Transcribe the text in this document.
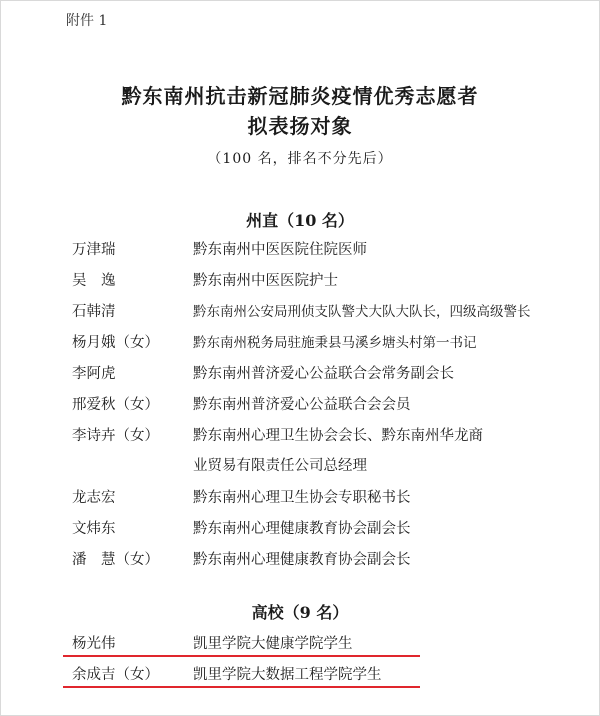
附件 1
黔东南州抗击新冠肺炎疫情优秀志愿者
拟表扬对象
（100 名，排名不分先后）
州直（10 名）
万津瑞	黔东南州中医医院住院医师
吴　逸	黔东南州中医医院护士
石韩清	黔东南州公安局刑侦支队警犬大队大队长，四级高级警长
杨月娥（女）	黔东南州税务局驻施秉县马溪乡塘头村第一书记
李阿虎	黔东南州普济爱心公益联合会常务副会长
邢爱秋（女） 黔东南州普济爱心公益联合会会员
李诗卉（女） 黔东南州心理卫生协会会长、黔东南州华龙商
业贸易有限责任公司总经理
龙志宏	黔东南州心理卫生协会专职秘书长
文炜东	黔东南州心理健康教育协会副会长
潘　慧（女） 黔东南州心理健康教育协会副会长
高校（9 名）
杨光伟	凯里学院大健康学院学生
余成吉（女） 凯里学院大数据工程学院学生
